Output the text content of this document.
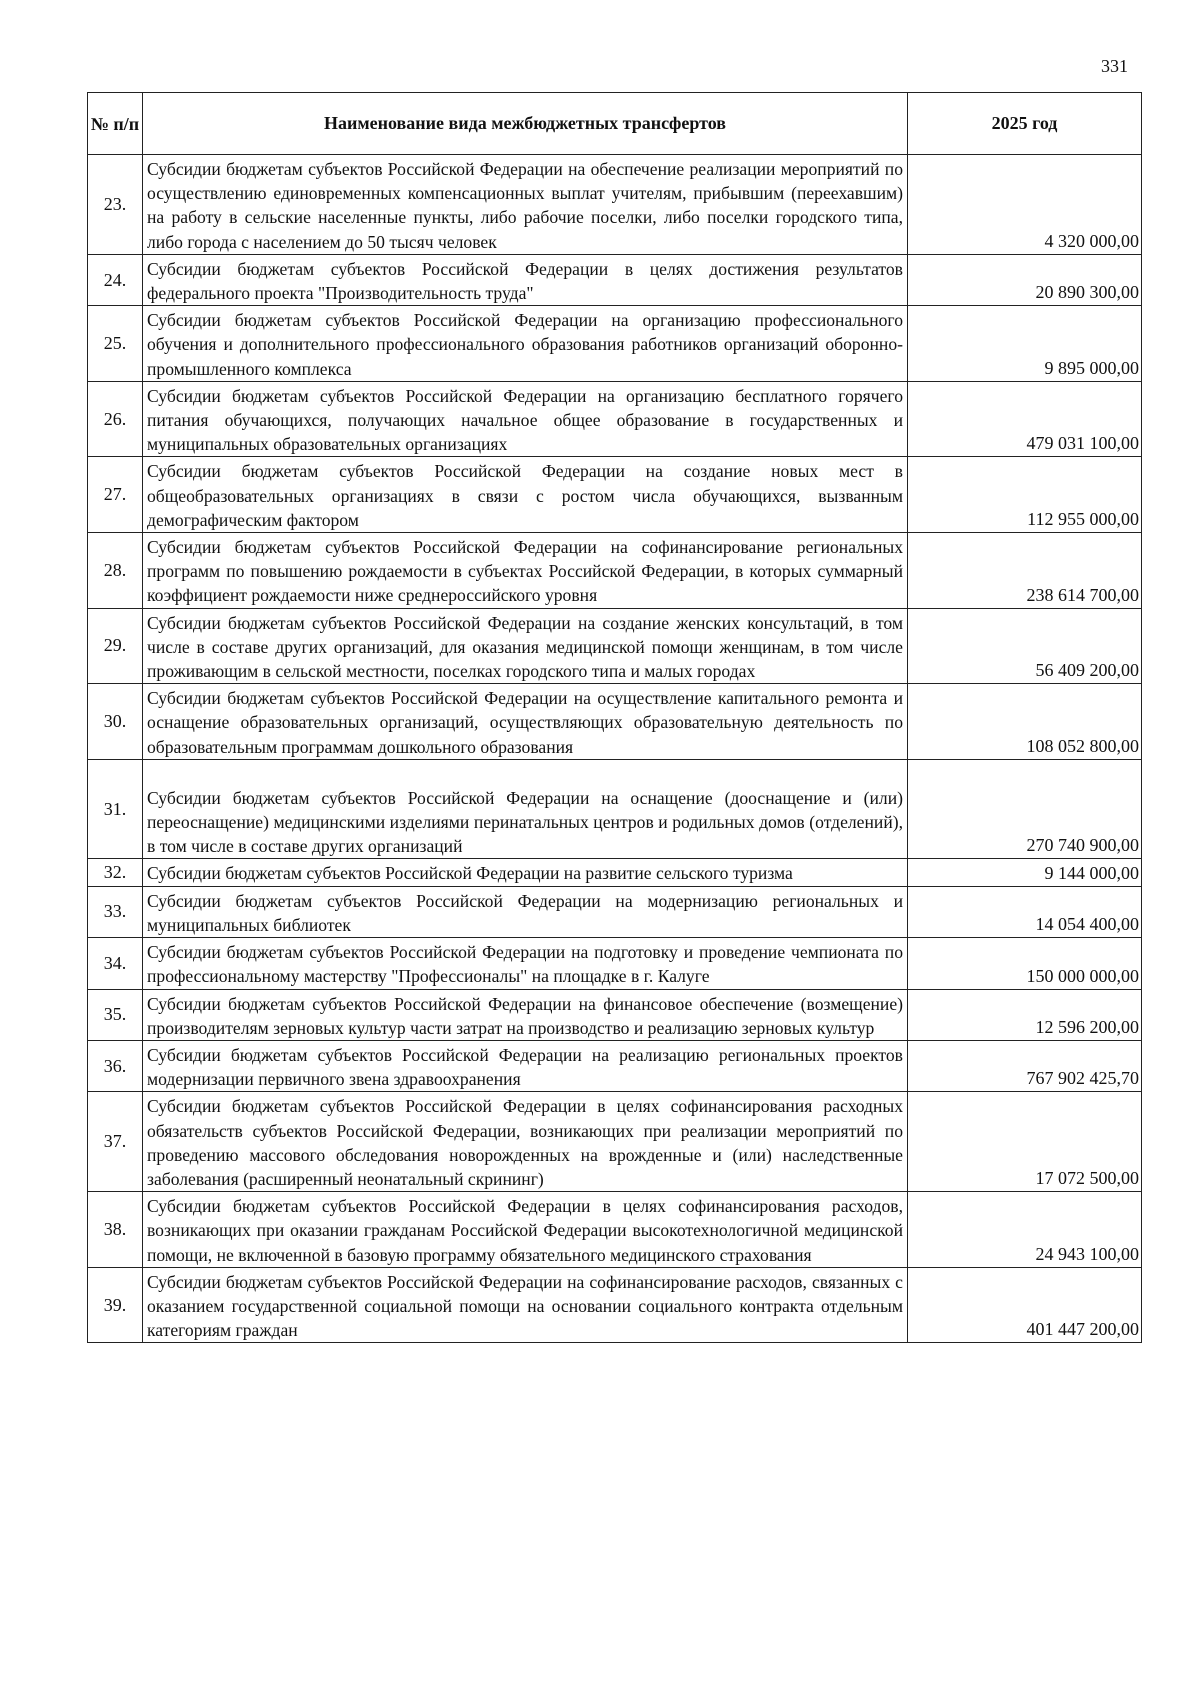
331
№ п/п	Наименование вида межбюджетных трансфертов	2025 год
23.	Субсидии бюджетам субъектов Российской Федерации на обеспечение реализации мероприятий по осуществлению единовременных компенсационных выплат учителям, прибывшим (переехавшим) на работу в сельские населенные пункты, либо рабочие поселки, либо поселки городского типа, либо города с населением до 50 тысяч человек	4 320 000,00
24.	Субсидии бюджетам субъектов Российской Федерации в целях достижения результатов федерального проекта "Производительность труда"	20 890 300,00
25.	Субсидии бюджетам субъектов Российской Федерации на организацию профессионального обучения и дополнительного профессионального образования работников организаций оборонно-промышленного комплекса	9 895 000,00
26.	Субсидии бюджетам субъектов Российской Федерации на организацию бесплатного горячего питания обучающихся, получающих начальное общее образование в государственных и муниципальных образовательных организациях	479 031 100,00
27.	Субсидии бюджетам субъектов Российской Федерации на создание новых мест в общеобразовательных организациях в связи с ростом числа обучающихся, вызванным демографическим фактором	112 955 000,00
28.	Субсидии бюджетам субъектов Российской Федерации на софинансирование региональных программ по повышению рождаемости в субъектах Российской Федерации, в которых суммарный коэффициент рождаемости ниже среднероссийского уровня	238 614 700,00
29.	Субсидии бюджетам субъектов Российской Федерации на создание женских консультаций, в том числе в составе других организаций, для оказания медицинской помощи женщинам, в том числе проживающим в сельской местности, поселках городского типа и малых городах	56 409 200,00
30.	Субсидии бюджетам субъектов Российской Федерации на осуществление капитального ремонта и оснащение образовательных организаций, осуществляющих образовательную деятельность по образовательным программам дошкольного образования	108 052 800,00
31.	Субсидии бюджетам субъектов Российской Федерации на оснащение (дооснащение и (или) переоснащение) медицинскими изделиями перинатальных центров и родильных домов (отделений), в том числе в составе других организаций	270 740 900,00
32.	Субсидии бюджетам субъектов Российской Федерации на развитие сельского туризма	9 144 000,00
33.	Субсидии бюджетам субъектов Российской Федерации на модернизацию региональных и муниципальных библиотек	14 054 400,00
34.	Субсидии бюджетам субъектов Российской Федерации на подготовку и проведение чемпионата по профессиональному мастерству "Профессионалы" на площадке в г. Калуге	150 000 000,00
35.	Субсидии бюджетам субъектов Российской Федерации на финансовое обеспечение (возмещение) производителям зерновых культур части затрат на производство и реализацию зерновых культур	12 596 200,00
36.	Субсидии бюджетам субъектов Российской Федерации на реализацию региональных проектов модернизации первичного звена здравоохранения	767 902 425,70
37.	Субсидии бюджетам субъектов Российской Федерации в целях софинансирования расходных обязательств субъектов Российской Федерации, возникающих при реализации мероприятий по проведению массового обследования новорожденных на врожденные и (или) наследственные заболевания (расширенный неонатальный скрининг)	17 072 500,00
38.	Субсидии бюджетам субъектов Российской Федерации в целях софинансирования расходов, возникающих при оказании гражданам Российской Федерации высокотехнологичной медицинской помощи, не включенной в базовую программу обязательного медицинского страхования	24 943 100,00
39.	Субсидии бюджетам субъектов Российской Федерации на софинансирование расходов, связанных с оказанием государственной социальной помощи на основании социального контракта отдельным категориям граждан	401 447 200,00
